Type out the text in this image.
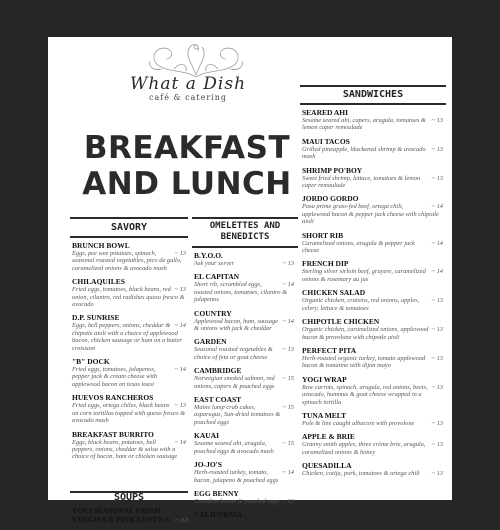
What a Dish
café & catering
BREAKFAST
AND LUNCH
SANDWICHES
SAVORY	OMELETTES AND
BENEDICTS
SOUPS
BRUNCH BOWL
~ 13
Eggs, pee wee potatoes, spinach, seasonal roasted vegetables, pico de gallo, caramelized onions & avocado mash
CHILAQUILES
~ 13
Fried eggs, tomatoes, black beans, red onion, cilantro, red radishes queso fresco & avocado
D.P. SUNRISE
~ 14
Eggs, bell peppers, onions, cheddar & chipotle aioli with a choice of applewood bacon, chicken sausage or ham on a butter croissant
"B" DOCK
~ 14
Fried eggs, tomatoes, jalapenos, pepper jack & cream cheese with applewood bacon on texas toast
HUEVOS RANCHEROS
~ 13
Fried eggs, ortega chiles, black beans on corn tortillas topped with queso fresco & avocado mash
BREAKFAST BURRITO
~ 14
Eggs, black beans, potatoes, bell peppers, onions, cheddar & salsa with a choice of bacon, ham or chicken sausage
YOGI SEASONAL FRESH VEGGIES & PINK LENTILS ~ 3.5
B.Y.O.O.
~ 13
Ask your server
EL CAPITAN
~ 14
Short rib, scrambled eggs, toasted onions, tomatoes, cilantro & jalapenos
COUNTRY
~ 14
Applewood bacon, ham, sausage & onions with jack & cheddar
GARDEN
~ 13
Seasonal roasted vegetables & choice of feta or goat cheese
CAMBRIDGE
~ 15
Norwegian smoked salmon, red onions, capers & poached eggs
EAST COAST
~ 15
Maine lump crab cakes, asparagus, Sun-dried tomatoes & poached eggs
KAUAI
~ 15
Sesame seared ahi, arugula, poached eggs & avocado mash
JO-JO'S
~ 14
Herb-roasted turkey, tomato, bacon, jalapeno & poached eggs
EGG BENNY
~ 13
Canadian bacon & poached eggs
CALIFORNIA
SEARED AHI
~ 13
Sesame seared ahi, capers, arugula, tomatoes & lemon caper remoulade
MAUI TACOS
~ 13
Grilled pineapple, blackened shrimp & avocado mash
SHRIMP PO'BOY
~ 13
Sweet fried shrimp, lettuce, tomatoes & lemon caper remoulade
JORDO GORDO
~ 14
Pasa prime grass-fed beef, ortega chili, applewood bacon & pepper jack cheese with chipotle aioli
SHORT RIB
~ 14
Caramelized onions, arugula & pepper jack cheese
FRENCH DIP
~ 14
Sterling silver sirloin beef, gruyere, caramelized onions & rosemary au jus
CHICKEN SALAD
~ 13
Organic chicken, craisins, red onions, apples, celery, lettuce & tomatoes
CHIPOTLE CHICKEN
~ 13
Organic chicken, caramelized onions, applewood bacon & provolone with chipotle aioli
PERFECT PITA
~ 13
Herb-roasted organic turkey, tomato applewood bacon & tomatine with dijon mayo
YOGI WRAP
~ 13
Raw carrots, spinach, arugula, red onions, beets, avocado, hummus & goat cheese wrapped in a spinach tortilla
TUNA MELT
~ 13
Pole & line caught albacore with provolone
APPLE & BRIE
~ 13
Granny smith apples, three crème brie, arugula, caramelized onions & honey
QUESADILLA
~ 13
Chicken, cotija, pork, tomatoes & ortega chili
